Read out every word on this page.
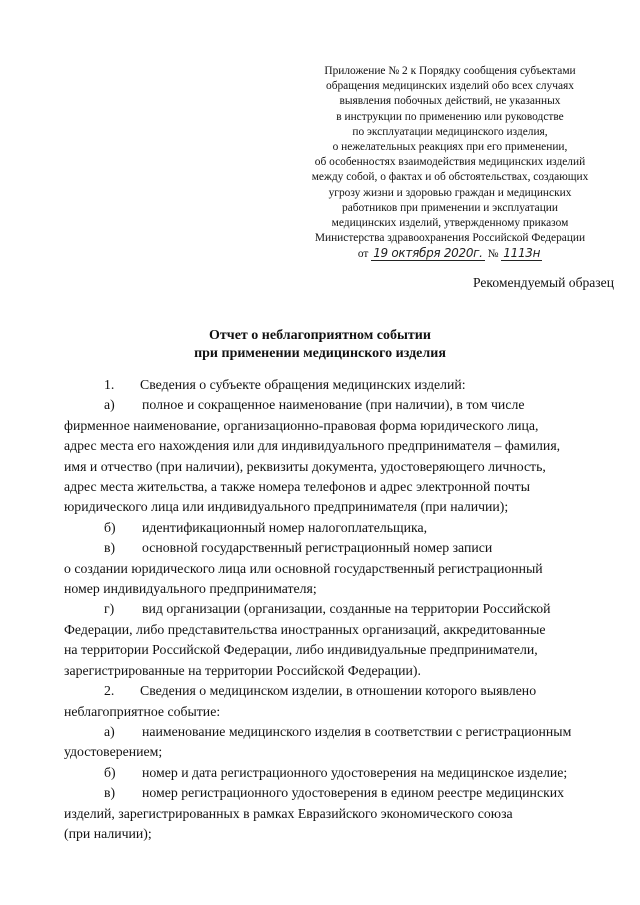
Приложение № 2 к Порядку сообщения субъектами
обращения медицинских изделий обо всех случаях
выявления побочных действий, не указанных
в инструкции по применению или руководстве
по эксплуатации медицинского изделия,
о нежелательных реакциях при его применении,
об особенностях взаимодействия медицинских изделий
между собой, о фактах и об обстоятельствах, создающих
угрозу жизни и здоровью граждан и медицинских
работников при применении и эксплуатации
медицинских изделий, утвержденному приказом
Министерства здравоохранения Российской Федерации
от 19 октября 2020г. № 1113н
Рекомендуемый образец
Отчет о неблагоприятном событии
при применении медицинского изделия
1. Сведения о субъекте обращения медицинских изделий:
а) полное и сокращенное наименование (при наличии), в том числе
фирменное наименование, организационно-правовая форма юридического лица,
адрес места его нахождения или для индивидуального предпринимателя – фамилия,
имя и отчество (при наличии), реквизиты документа, удостоверяющего личность,
адрес места жительства, а также номера телефонов и адрес электронной почты
юридического лица или индивидуального предпринимателя (при наличии);
б) идентификационный номер налогоплательщика,
в) основной государственный регистрационный номер записи
о создании юридического лица или основной государственный регистрационный
номер индивидуального предпринимателя;
г) вид организации (организации, созданные на территории Российской
Федерации, либо представительства иностранных организаций, аккредитованные
на территории Российской Федерации, либо индивидуальные предприниматели,
зарегистрированные на территории Российской Федерации).
2. Сведения о медицинском изделии, в отношении которого выявлено
неблагоприятное событие:
а) наименование медицинского изделия в соответствии с регистрационным
удостоверением;
б) номер и дата регистрационного удостоверения на медицинское изделие;
в) номер регистрационного удостоверения в едином реестре медицинских
изделий, зарегистрированных в рамках Евразийского экономического союза
(при наличии);
